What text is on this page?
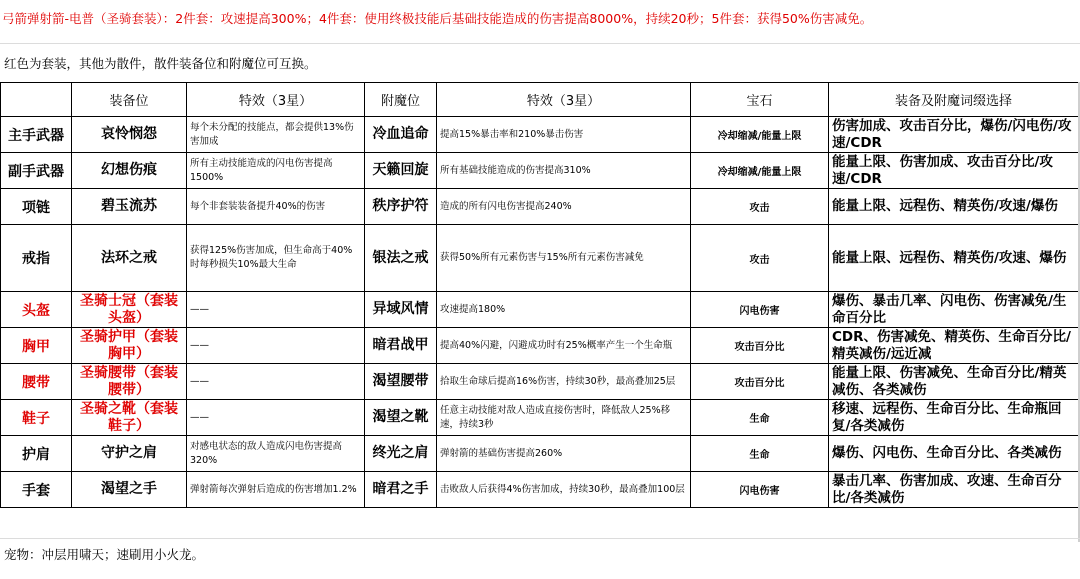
弓箭弹射箭-电普（圣骑套装）：2件套：攻速提高300%；4件套：使用终极技能后基础技能造成的伤害提高8000%，持续20秒；5件套：获得50%伤害减免。
红色为套装，其他为散件，散件装备位和附魔位可互换。
	装备位	特效（3星）	附魔位	特效（3星）	宝石	装备及附魔词缀选择
主手武器	哀怜悯怨	每个未分配的技能点，都会提供13%伤害加成	冷血追命	提高15%暴击率和210%暴击伤害	冷却缩减/能量上限	伤害加成、攻击百分比，爆伤/闪电伤/攻速/CDR
副手武器	幻想伤痕	所有主动技能造成的闪电伤害提高1500%	天籁回旋	所有基础技能造成的伤害提高310%	冷却缩减/能量上限	能量上限、伤害加成、攻击百分比/攻速/CDR
项链	碧玉流苏	每个非套装装备提升40%的伤害	秩序护符	造成的所有闪电伤害提高240%	攻击	能量上限、远程伤、精英伤/攻速/爆伤
戒指	法环之戒	获得125%伤害加成，但生命高于40%时每秒损失10%最大生命	银法之戒	获得50%所有元素伤害与15%所有元素伤害减免	攻击	能量上限、远程伤、精英伤/攻速、爆伤
头盔	圣骑士冠（套装头盔）	——	异域风情	攻速提高180%	闪电伤害	爆伤、暴击几率、闪电伤、伤害减免/生命百分比
胸甲	圣骑护甲（套装胸甲）	——	暗君战甲	提高40%闪避，闪避成功时有25%概率产生一个生命瓶	攻击百分比	CDR、伤害减免、精英伤、生命百分比/精英减伤/远近减
腰带	圣骑腰带（套装腰带）	——	渴望腰带	拾取生命球后提高16%伤害，持续30秒，最高叠加25层	攻击百分比	能量上限、伤害减免、生命百分比/精英减伤、各类减伤
鞋子	圣骑之靴（套装鞋子）	——	渴望之靴	任意主动技能对敌人造成直接伤害时，降低敌人25%移速，持续3秒	生命	移速、远程伤、生命百分比、生命瓶回复/各类减伤
护肩	守护之肩	对感电状态的敌人造成闪电伤害提高320%	终光之肩	弹射箭的基础伤害提高260%	生命	爆伤、闪电伤、生命百分比、各类减伤
手套	渴望之手	弹射箭每次弹射后造成的伤害增加1.2%	暗君之手	击败敌人后获得4%伤害加成，持续30秒，最高叠加100层	闪电伤害	暴击几率、伤害加成、攻速、生命百分比/各类减伤
宠物：冲层用啸天；速刷用小火龙。
